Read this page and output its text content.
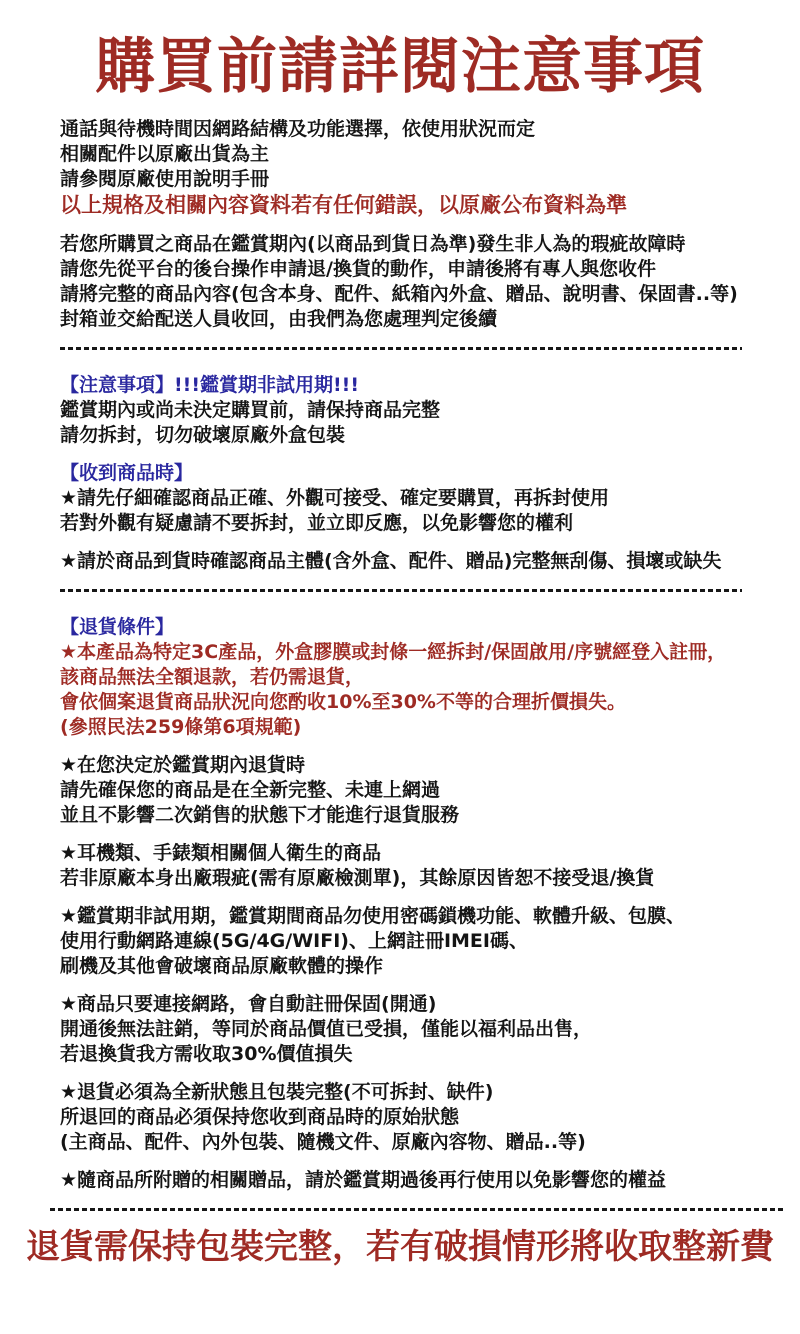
購買前請詳閱注意事項

通話與待機時間因網路結構及功能選擇，依使用狀況而定

相關配件以原廠出貨為主

請參閱原廠使用說明手冊

以上規格及相關內容資料若有任何錯誤，以原廠公布資料為準

若您所購買之商品在鑑賞期內(以商品到貨日為準)發生非人為的瑕疵故障時

請您先從平台的後台操作申請退/換貨的動作，申請後將有專人與您收件

請將完整的商品內容(包含本身、配件、紙箱內外盒、贈品、說明書、保固書..等)

封箱並交給配送人員收回，由我們為您處理判定後續

【注意事項】!!!鑑賞期非試用期!!!

鑑賞期內或尚未決定購買前，請保持商品完整

請勿拆封，切勿破壞原廠外盒包裝

【收到商品時】

★請先仔細確認商品正確、外觀可接受、確定要購買，再拆封使用

若對外觀有疑慮請不要拆封，並立即反應，以免影響您的權利

★請於商品到貨時確認商品主體(含外盒、配件、贈品)完整無刮傷、損壞或缺失

【退貨條件】

★本產品為特定3C產品，外盒膠膜或封條一經拆封/保固啟用/序號經登入註冊，

該商品無法全額退款，若仍需退貨，

會依個案退貨商品狀況向您酌收10%至30%不等的合理折價損失。

(參照民法259條第6項規範)

★在您決定於鑑賞期內退貨時

請先確保您的商品是在全新完整、未連上網過

並且不影響二次銷售的狀態下才能進行退貨服務

★耳機類、手錶類相關個人衛生的商品

若非原廠本身出廠瑕疵(需有原廠檢測單)，其餘原因皆恕不接受退/換貨

★鑑賞期非試用期，鑑賞期間商品勿使用密碼鎖機功能、軟體升級、包膜、

使用行動網路連線(5G/4G/WIFI)、上網註冊IMEI碼、

刷機及其他會破壞商品原廠軟體的操作

★商品只要連接網路，會自動註冊保固(開通)

開通後無法註銷，等同於商品價值已受損，僅能以福利品出售，

若退換貨我方需收取30%價值損失

★退貨必須為全新狀態且包裝完整(不可拆封、缺件)

所退回的商品必須保持您收到商品時的原始狀態

(主商品、配件、內外包裝、隨機文件、原廠內容物、贈品..等)

★隨商品所附贈的相關贈品，請於鑑賞期過後再行使用以免影響您的權益

退貨需保持包裝完整，若有破損情形將收取整新費
